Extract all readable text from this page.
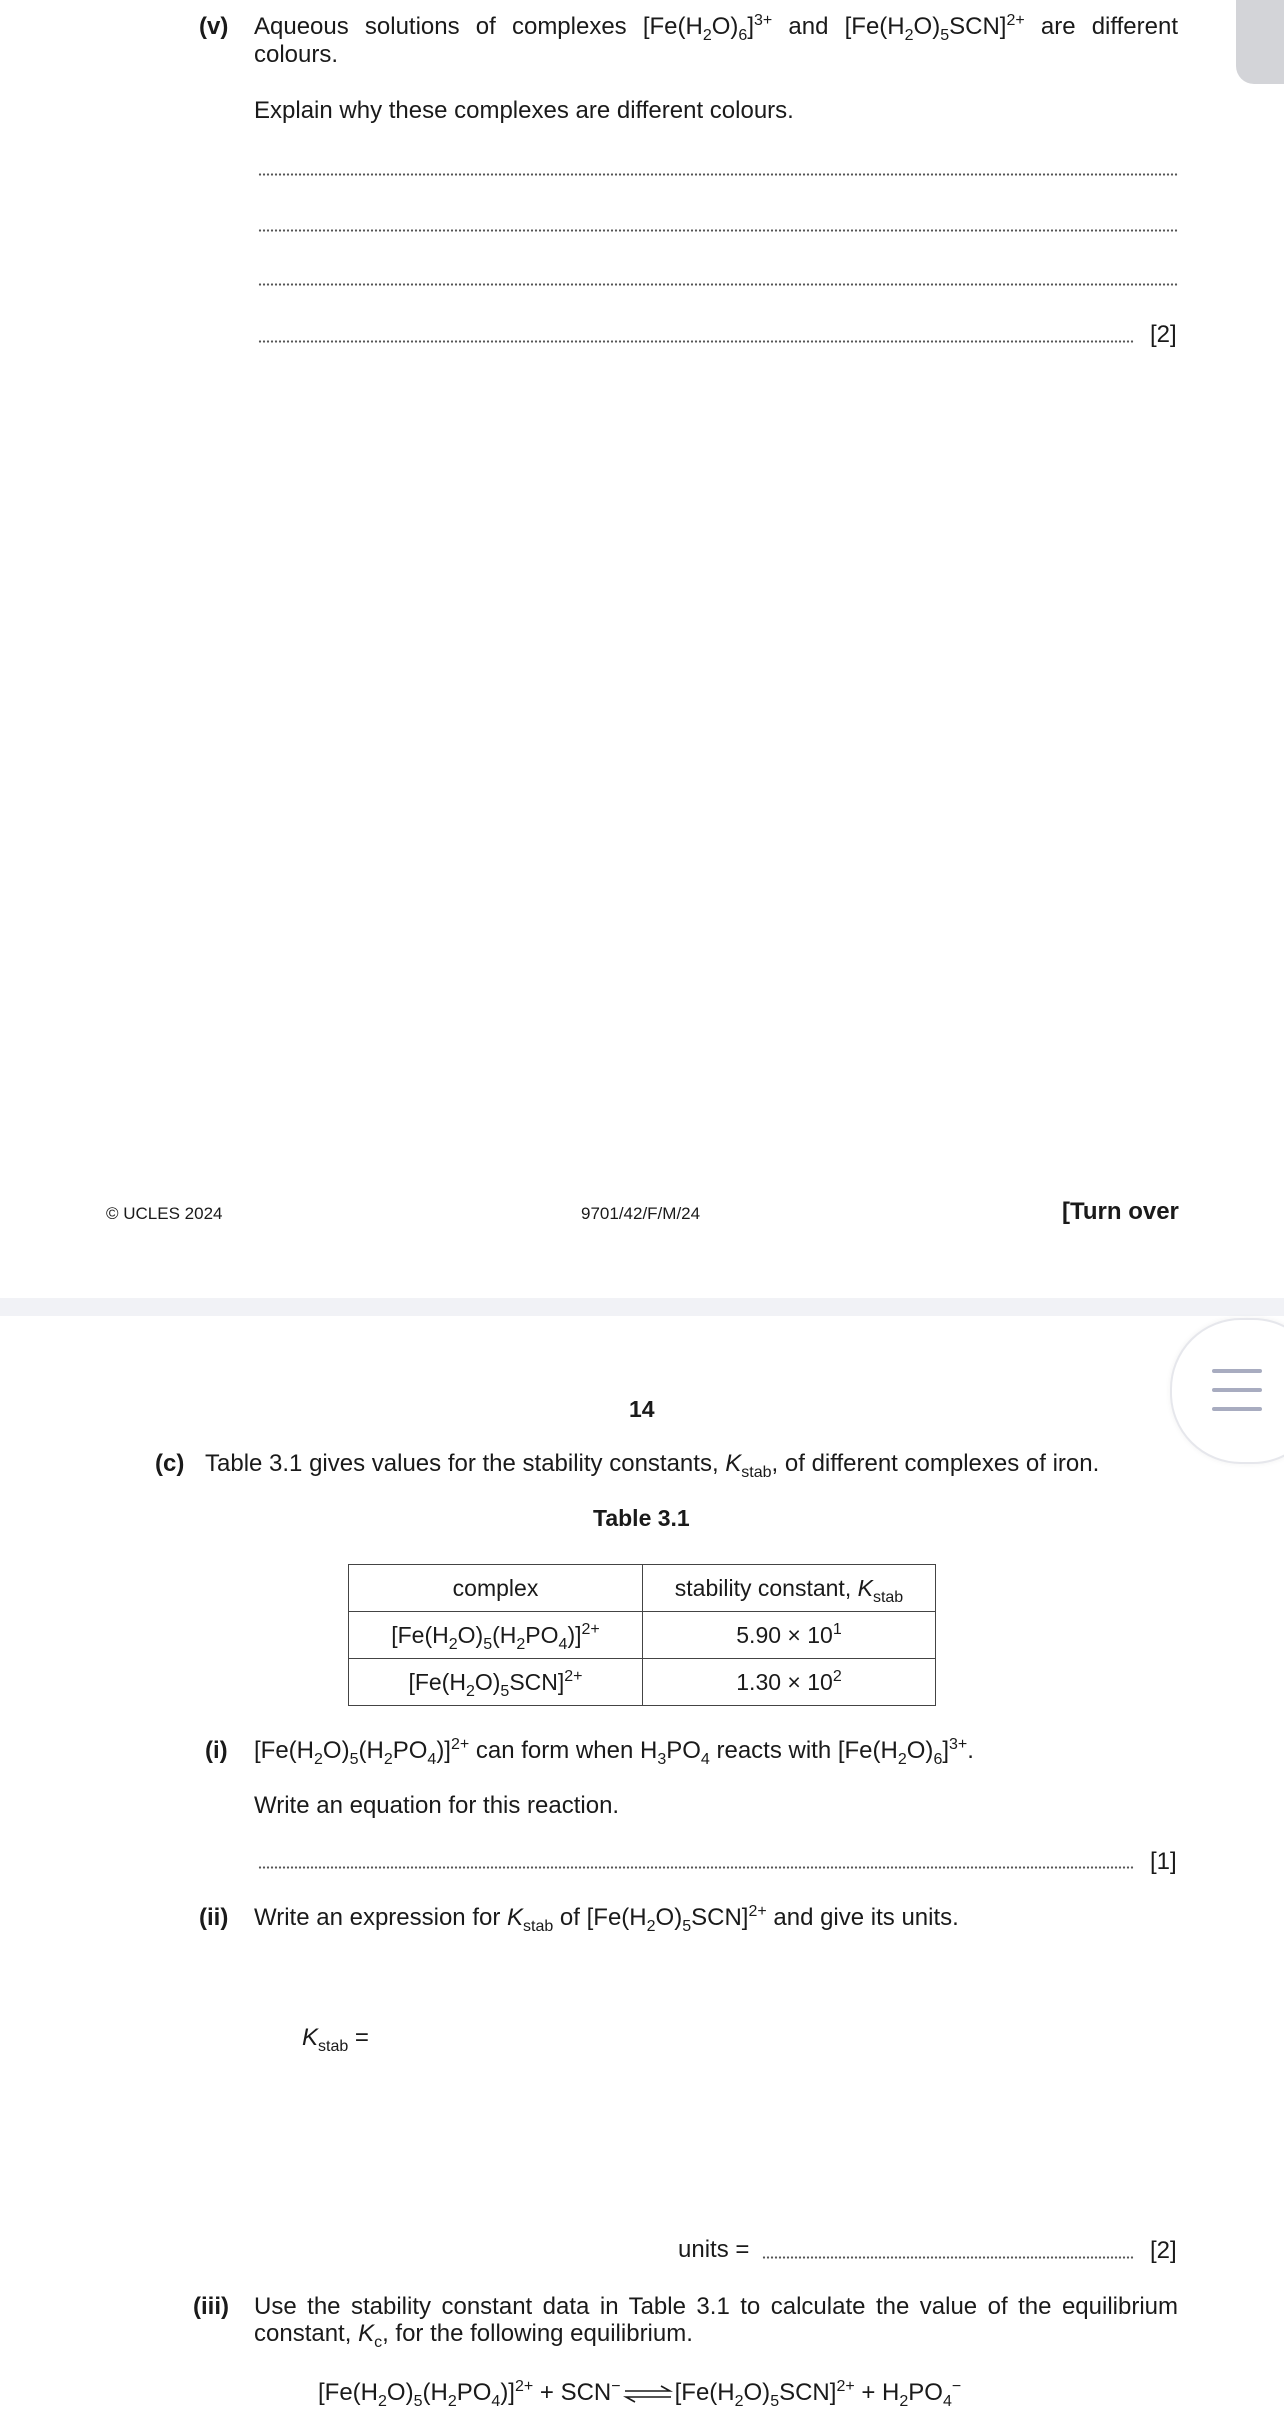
(v) Aqueous solutions of complexes $[Fe(H_2O)_6]^{3+}$ and $[Fe(H_2O)_5SCN]^{2+}$ are different
colours.
Explain why these complexes are different colours.
[2]
© UCLES 2024	9701/42/F/M/24	[Turn over
14
(c) Table 3.1 gives values for the stability constants, $K_{stab}$, of different complexes of iron.
Table 3.1
complex	stability constant, $K_{stab}$
$[Fe(H_2O)_5(H_2PO_4)]^{2+}$	$5.90 \times 10^1$
$[Fe(H_2O)_5SCN]^{2+}$	$1.30 \times 10^2$
(i) $[Fe(H_2O)_5(H_2PO_4)]^{2+}$ can form when $H_3PO_4$ reacts with $[Fe(H_2O)_6]^{3+}$.
Write an equation for this reaction.
[1]
(ii) Write an expression for $K_{stab}$ of $[Fe(H_2O)_5SCN]^{2+}$ and give its units.
$K_{stab}$ =
units =	[2]
(iii) Use the stability constant data in Table 3.1 to calculate the value of the equilibrium
constant, $K_c$, for the following equilibrium.
$[Fe(H_2O)_5(H_2PO_4)]^{2+} + SCN^-$ ⇌ $[Fe(H_2O)_5SCN]^{2+} + H_2PO_4^-$
